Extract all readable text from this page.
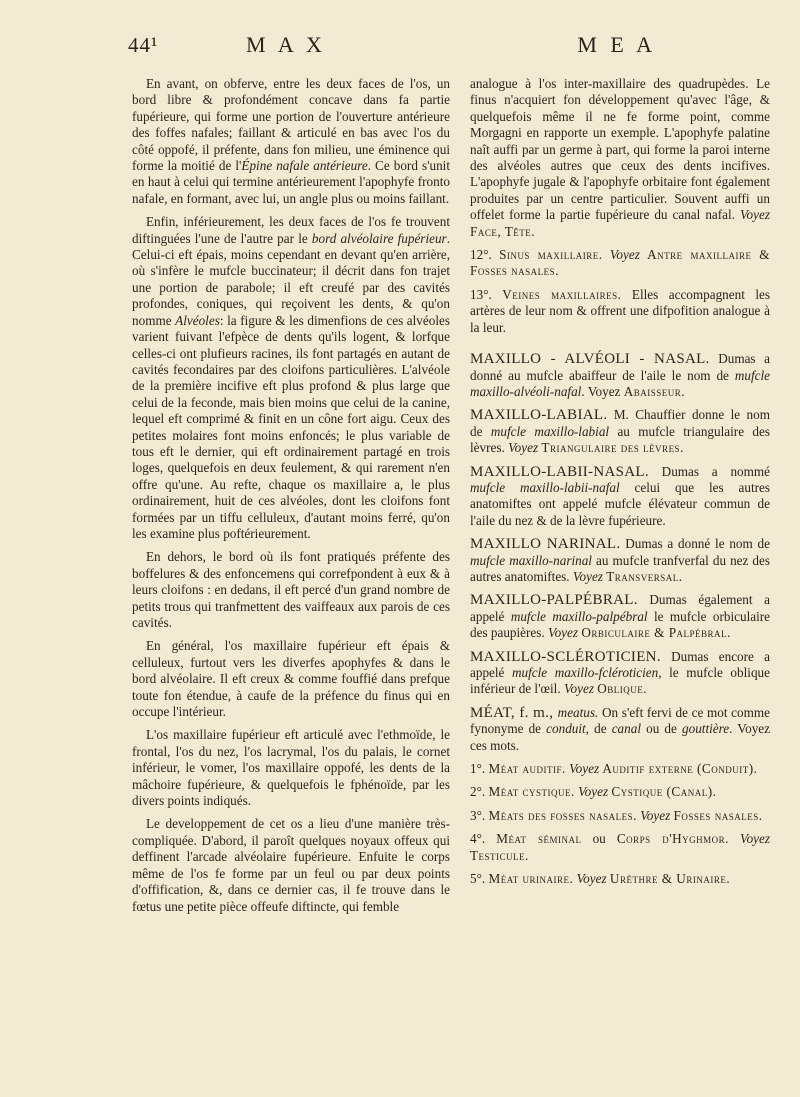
44¹	M A X	M E A

En avant, on obferve, entre les deux faces de l'os, un bord libre & profondément concave dans fa partie fupérieure, qui forme une portion de l'ouverture antérieure des foffes nafales; faillant & articulé en bas avec l'os du côté oppofé, il préfente, dans fon milieu, une éminence qui forme la moitié de l'Épine nafale antérieure. Ce bord s'unit en haut à celui qui termine antérieurement l'apophyfe fronto nafale, en formant, avec lui, un angle plus ou moins faillant.

Enfin, inférieurement, les deux faces de l'os fe trouvent diftinguées l'une de l'autre par le bord alvéolaire fupérieur. Celui-ci eft épais, moins cependant en devant qu'en arrière, où s'infère le mufcle buccinateur; il décrit dans fon trajet une portion de parabole; il eft creufé par des cavités profondes, coniques, qui reçoivent les dents, & qu'on nomme Alvéoles: la figure & les dimenfions de ces alvéoles varient fuivant l'efpèce de dents qu'ils logent, & lorfque celles-ci ont plufieurs racines, ils font partagés en autant de cavités fecondaires par des cloifons particulières. L'alvéole de la première incifive eft plus profond & plus large que celui de la feconde, mais bien moins que celui de la canine, lequel eft comprimé & finit en un cône fort aigu. Ceux des petites molaires font moins enfoncés; le plus variable de tous eft le dernier, qui eft ordinairement partagé en trois loges, quelquefois en deux feulement, & qui rarement n'en offre qu'une. Au refte, chaque os maxillaire a, le plus ordinairement, huit de ces alvéoles, dont les cloifons font formées par un tiffu celluleux, d'autant moins ferré, qu'on les examine plus poftérieurement.

En dehors, le bord où ils font pratiqués préfente des boffelures & des enfoncemens qui correfpondent à eux & à leurs cloifons : en dedans, il eft percé d'un grand nombre de petits trous qui tranfmettent des vaiffeaux aux parois de ces cavités.

En général, l'os maxillaire fupérieur eft épais & celluleux, furtout vers les diverfes apophyfes & dans le bord alvéolaire. Il eft creux & comme fouffié dans prefque toute fon étendue, à caufe de la préfence du finus qui en occupe l'intérieur.

L'os maxillaire fupérieur eft articulé avec l'ethmoïde, le frontal, l'os du nez, l'os lacrymal, l'os du palais, le cornet inférieur, le vomer, l'os maxillaire oppofé, les dents de la mâchoire fupérieure, & quelquefois le fphénoïde, par les divers points indiqués.

Le developpement de cet os a lieu d'une manière très-compliquée. D'abord, il paroît quelques noyaux offeux qui deffinent l'arcade alvéolaire fupérieure. Enfuite le corps même de l'os fe forme par un feul ou par deux points d'offification, &, dans ce dernier cas, il fe trouve dans le fœtus une petite pièce offeufe diftincte, qui femble

analogue à l'os inter-maxillaire des quadrupèdes. Le finus n'acquiert fon développement qu'avec l'âge, & quelquefois même il ne fe forme point, comme Morgagni en rapporte un exemple. L'apophyfe palatine naît auffi par un germe à part, qui forme la paroi interne des alvéoles autres que ceux des dents incifives. L'apophyfe jugale & l'apophyfe orbitaire font également produites par un centre particulier. Souvent auffi un offelet forme la partie fupérieure du canal nafal. Voyez Face, Tête.

12°. Sinus maxillaire. Voyez Antre maxillaire & Fosses nasales.

13°. Veines maxillaires. Elles accompagnent les artères de leur nom & offrent une difpofition analogue à la leur.

MAXILLO - ALVÉOLI - NASAL. Dumas a donné au mufcle abaiffeur de l'aile le nom de mufcle maxillo-alvéoli-nafal. Voyez Abaisseur.

MAXILLO-LABIAL. M. Chauffier donne le nom de mufcle maxillo-labial au mufcle triangulaire des lèvres. Voyez Triangulaire des lèvres.

MAXILLO-LABII-NASAL. Dumas a nommé mufcle maxillo-labii-nafal celui que les autres anatomiftes ont appelé mufcle élévateur commun de l'aile du nez & de la lèvre fupérieure.

MAXILLO NARINAL. Dumas a donné le nom de mufcle maxillo-narinal au mufcle tranfverfal du nez des autres anatomiftes. Voyez Transversal.

MAXILLO-PALPÉBRAL. Dumas également a appelé mufcle maxillo-palpébral le mufcle orbiculaire des paupières. Voyez Orbiculaire & Palpébral.

MAXILLO-SCLÉROTICIEN. Dumas encore a appelé mufcle maxillo-fcléroticien, le mufcle oblique inférieur de l'œil. Voyez Oblique.

MÉAT, f. m., meatus. On s'eft fervi de ce mot comme fynonyme de conduit, de canal ou de gouttière. Voyez ces mots.

1°. Méat auditif. Voyez Auditif externe (Conduit).

2°. Méat cystique. Voyez Cystique (Canal).

3°. Méats des fosses nasales. Voyez Fosses nasales.

4°. Méat séminal ou Corps d'Hyghmor. Voyez Testicule.

5°. Méat urinaire. Voyez Urèthre & Urinaire.
